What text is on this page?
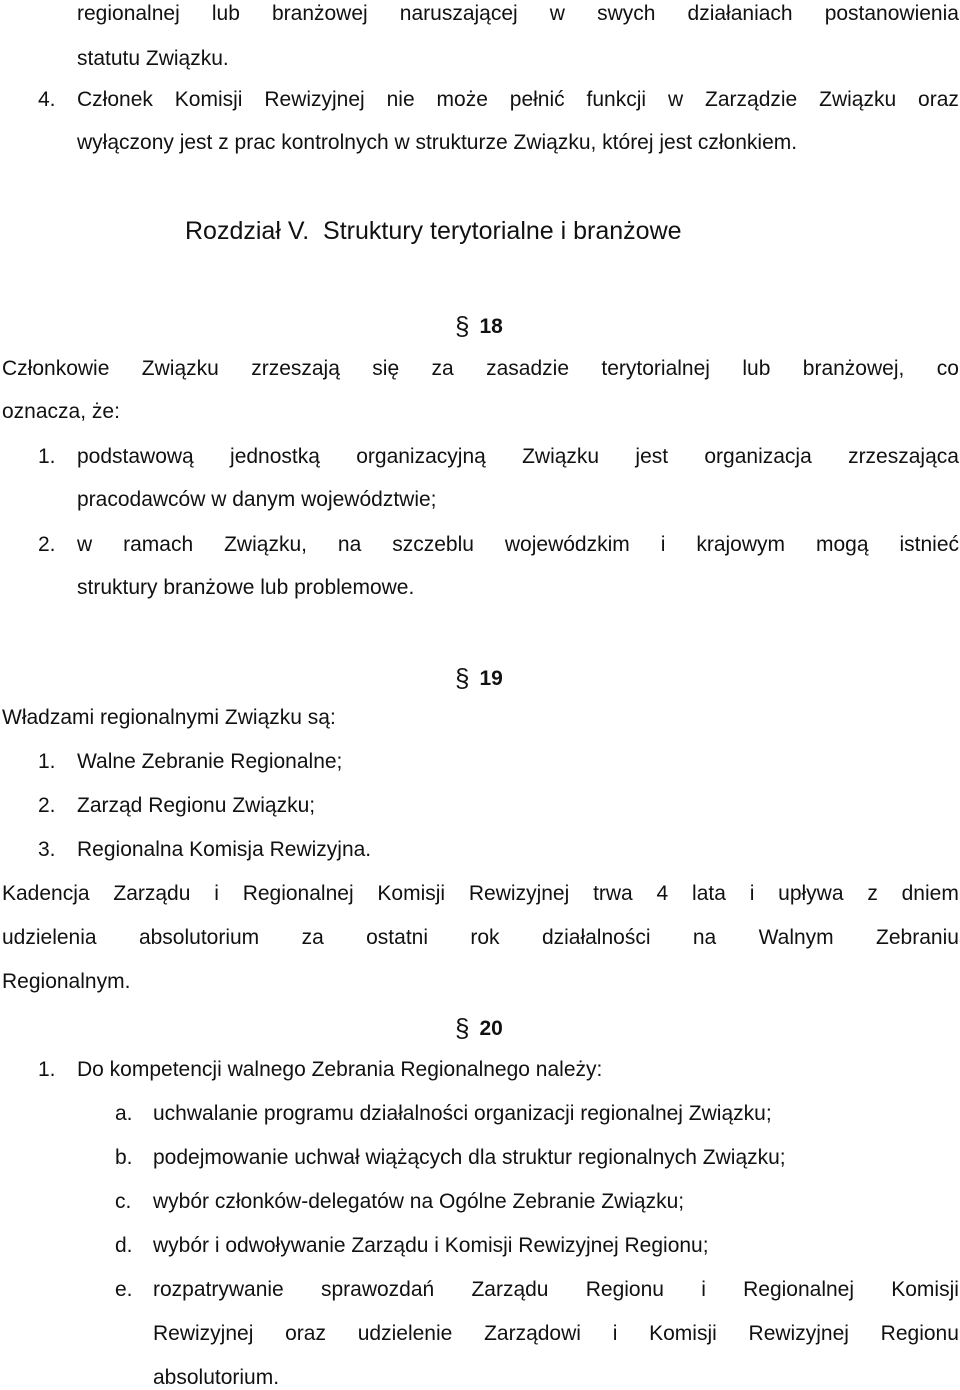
regionalnej lub branżowej naruszającej w swych działaniach postanowienia
statutu Związku.
4. Członek Komisji Rewizyjnej nie może pełnić funkcji w Zarządzie Związku oraz
wyłączony jest z prac kontrolnych w strukturze Związku, której jest członkiem.
Rozdział V.  Struktury terytorialne i branżowe
§ 18
Członkowie Związku zrzeszają się za zasadzie terytorialnej lub branżowej, co
oznacza, że:
1. podstawową jednostką organizacyjną Związku jest organizacja zrzeszająca
pracodawców w danym województwie;
2. w ramach Związku, na szczeblu wojewódzkim i krajowym mogą istnieć
struktury branżowe lub problemowe.
§ 19
Władzami regionalnymi Związku są:
1. Walne Zebranie Regionalne;
2. Zarząd Regionu Związku;
3. Regionalna Komisja Rewizyjna.
Kadencja Zarządu i Regionalnej Komisji Rewizyjnej trwa 4 lata i upływa z dniem
udzielenia absolutorium za ostatni rok działalności na Walnym Zebraniu
Regionalnym.
§ 20
1. Do kompetencji walnego Zebrania Regionalnego należy:
a. uchwalanie programu działalności organizacji regionalnej Związku;
b. podejmowanie uchwał wiążących dla struktur regionalnych Związku;
c. wybór członków-delegatów na Ogólne Zebranie Związku;
d. wybór i odwoływanie Zarządu i Komisji Rewizyjnej Regionu;
e. rozpatrywanie sprawozdań Zarządu Regionu i Regionalnej Komisji
Rewizyjnej oraz udzielenie Zarządowi i Komisji Rewizyjnej Regionu
absolutorium.
